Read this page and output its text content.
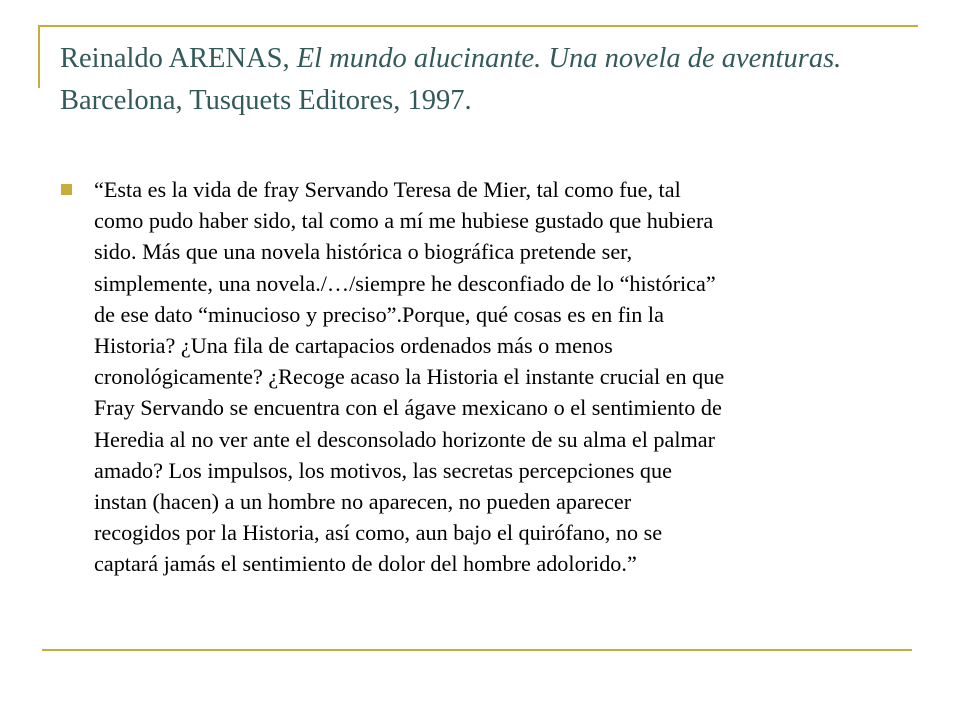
Reinaldo ARENAS, El mundo alucinante. Una novela de aventuras.
Barcelona, Tusquets Editores, 1997.

“Esta es la vida de fray Servando Teresa de Mier, tal como fue, tal
como pudo haber sido, tal como a mí me hubiese gustado que hubiera
sido. Más que una novela histórica o biográfica pretende ser,
simplemente, una novela./…/siempre he desconfiado de lo “histórica”
de ese dato “minucioso y preciso”.Porque, qué cosas es en fin la
Historia? ¿Una fila de cartapacios ordenados más o menos
cronológicamente? ¿Recoge acaso la Historia el instante crucial en que
Fray Servando se encuentra con el ágave mexicano o el sentimiento de
Heredia al no ver ante el desconsolado horizonte de su alma el palmar
amado? Los impulsos, los motivos, las secretas percepciones que
instan (hacen) a un hombre no aparecen, no pueden aparecer
recogidos por la Historia, así como, aun bajo el quirófano, no se
captará jamás el sentimiento de dolor del hombre adolorido.”
